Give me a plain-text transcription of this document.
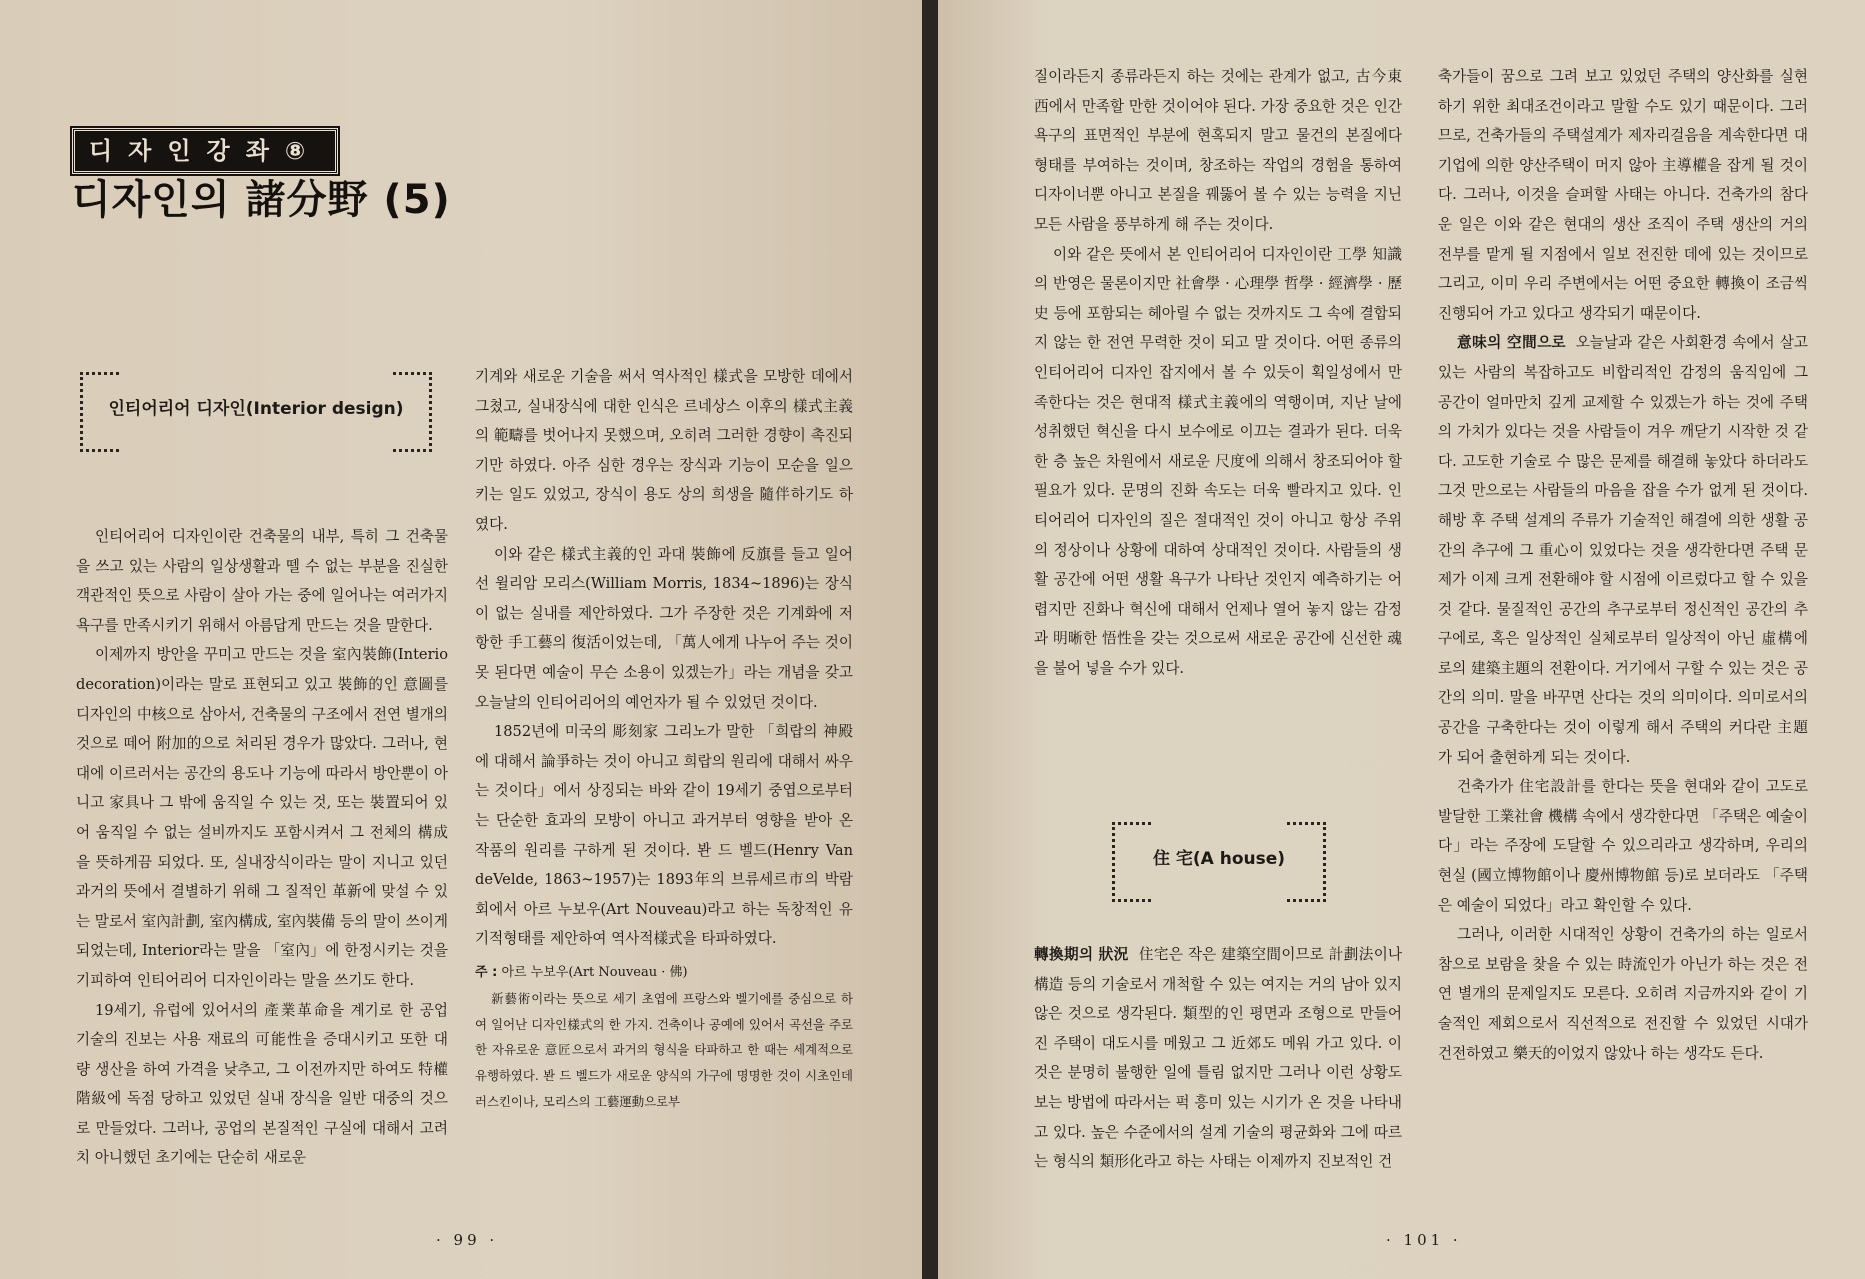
디자인강좌⑧
디자인의 諸分野 (5)
인티어리어 디자인(Interior design)

인티어리어 디자인이란 건축물의 내부, 특히 그 건축물을 쓰고 있는 사람의 일상생활과 뗄 수 없는 부분을 진실한 객관적인 뜻으로 사람이 살아 가는 중에 일어나는 여러가지 욕구를 만족시키기 위해서 아름답게 만드는 것을 말한다.

이제까지 방안을 꾸미고 만드는 것을 室內裝飾(Interio decoration)이라는 말로 표현되고 있고 裝飾的인 意圖를 디자인의 中核으로 삼아서, 건축물의 구조에서 전연 별개의 것으로 떼어 附加的으로 처리된 경우가 많았다. 그러나, 현대에 이르러서는 공간의 용도나 기능에 따라서 방안뿐이 아니고 家具나 그 밖에 움직일 수 있는 것, 또는 裝置되어 있어 움직일 수 없는 설비까지도 포함시켜서 그 전체의 構成을 뜻하게끔 되었다. 또, 실내장식이라는 말이 지니고 있던 과거의 뜻에서 결별하기 위해 그 질적인 革新에 맞설 수 있는 말로서 室內計劃, 室內構成, 室內裝備 등의 말이 쓰이게 되었는데, Interior라는 말을 「室內」에 한정시키는 것을 기피하여 인티어리어 디자인이라는 말을 쓰기도 한다.

19세기, 유럽에 있어서의 產業革命을 계기로 한 공업 기술의 진보는 사용 재료의 可能性을 증대시키고 또한 대량 생산을 하여 가격을 낮추고, 그 이전까지만 하여도 特權階級에 독점 당하고 있었던 실내 장식을 일반 대중의 것으로 만들었다. 그러나, 공업의 본질적인 구실에 대해서 고려치 아니했던 초기에는 단순히 새로운

기계와 새로운 기술을 써서 역사적인 樣式을 모방한 데에서 그쳤고, 실내장식에 대한 인식은 르네상스 이후의 樣式主義의 範疇를 벗어나지 못했으며, 오히려 그러한 경향이 촉진되기만 하였다. 아주 심한 경우는 장식과 기능이 모순을 일으키는 일도 있었고, 장식이 용도 상의 희생을 隨伴하기도 하였다.

이와 같은 樣式主義的인 과대 裝飾에 反旗를 들고 일어선 윌리암 모리스(William Morris, 1834~1896)는 장식이 없는 실내를 제안하였다. 그가 주장한 것은 기계화에 저항한 手工藝의 復活이었는데, 「萬人에게 나누어 주는 것이 못 된다면 예술이 무슨 소용이 있겠는가」라는 개념을 갖고 오늘날의 인티어리어의 예언자가 될 수 있었던 것이다.

1852년에 미국의 彫刻家 그리노가 말한 「희랍의 神殿에 대해서 論爭하는 것이 아니고 희랍의 원리에 대해서 싸우는 것이다」에서 상징되는 바와 같이 19세기 중엽으로부터는 단순한 효과의 모방이 아니고 과거부터 영향을 받아 온 작품의 원리를 구하게 된 것이다. 봔 드 벨드(Henry Van deVelde, 1863~1957)는 1893年의 브류세르市의 박람회에서 아르 누보우(Art Nouveau)라고 하는 독창적인 유기적형태를 제안하여 역사적樣式을 타파하였다.

주 : 아르 누보우(Art Nouveau · 佛)

新藝術이라는 뜻으로 세기 초엽에 프랑스와 벨기에를 중심으로 하여 일어난 디자인樣式의 한 가지. 건축이나 공예에 있어서 곡선을 주로 한 자유로운 意匠으로서 과거의 형식을 타파하고 한 때는 세계적으로 유행하였다. 봔 드 벨드가 새로운 양식의 가구에 명명한 것이 시초인데 러스킨이나, 모리스의 工藝運動으로부

· 99 ·

질이라든지 종류라든지 하는 것에는 관계가 없고, 古今東西에서 만족할 만한 것이어야 된다. 가장 중요한 것은 인간 욕구의 표면적인 부분에 현혹되지 말고 물건의 본질에다 형태를 부여하는 것이며, 창조하는 작업의 경험을 통하여 디자이너뿐 아니고 본질을 꿰뚫어 볼 수 있는 능력을 지닌 모든 사람을 풍부하게 해 주는 것이다.

이와 같은 뜻에서 본 인티어리어 디자인이란 工學 知識의 반영은 물론이지만 社會學 · 心理學 哲學 · 經濟學 · 歷史 등에 포함되는 헤아릴 수 없는 것까지도 그 속에 결합되지 않는 한 전연 무력한 것이 되고 말 것이다. 어떤 종류의 인티어리어 디자인 잡지에서 볼 수 있듯이 획일성에서 만족한다는 것은 현대적 樣式主義에의 역행이며, 지난 날에 성취했던 혁신을 다시 보수에로 이끄는 결과가 된다. 더욱 한 층 높은 차원에서 새로운 尺度에 의해서 창조되어야 할 필요가 있다. 문명의 진화 속도는 더욱 빨라지고 있다. 인티어리어 디자인의 질은 절대적인 것이 아니고 항상 주위의 정상이나 상황에 대하여 상대적인 것이다. 사람들의 생활 공간에 어떤 생활 욕구가 나타난 것인지 예측하기는 어렵지만 진화나 혁신에 대해서 언제나 열어 놓지 않는 감정과 明晰한 悟性을 갖는 것으로써 새로운 공간에 신선한 魂을 불어 넣을 수가 있다.

住 宅(A house)

轉換期의 狀況 住宅은 작은 建築空間이므로 計劃法이나 構造 등의 기술로서 개척할 수 있는 여지는 거의 남아 있지 않은 것으로 생각된다. 類型的인 평면과 조형으로 만들어진 주택이 대도시를 메웠고 그 近郊도 메워 가고 있다. 이것은 분명히 불행한 일에 틀림 없지만 그러나 이런 상황도 보는 방법에 따라서는 퍽 흥미 있는 시기가 온 것을 나타내고 있다. 높은 수준에서의 설계 기술의 평균화와 그에 따르는 형식의 類形化라고 하는 사태는 이제까지 진보적인 건

축가들이 꿈으로 그려 보고 있었던 주택의 양산화를 실현하기 위한 최대조건이라고 말할 수도 있기 때문이다. 그러므로, 건축가들의 주택설계가 제자리걸음을 계속한다면 대기업에 의한 양산주택이 머지 않아 主導權을 잡게 될 것이다. 그러나, 이것을 슬퍼할 사태는 아니다. 건축가의 참다운 일은 이와 같은 현대의 생산 조직이 주택 생산의 거의 전부를 맡게 될 지점에서 일보 전진한 데에 있는 것이므로 그리고, 이미 우리 주변에서는 어떤 중요한 轉換이 조금씩 진행되어 가고 있다고 생각되기 때문이다.

意味의 空間으로 오늘날과 같은 사회환경 속에서 살고 있는 사람의 복잡하고도 비합리적인 감정의 움직임에 그 공간이 얼마만치 깊게 교제할 수 있겠는가 하는 것에 주택의 가치가 있다는 것을 사람들이 겨우 깨닫기 시작한 것 같다. 고도한 기술로 수 많은 문제를 해결해 놓았다 하더라도 그것 만으로는 사람들의 마음을 잡을 수가 없게 된 것이다. 해방 후 주택 설계의 주류가 기술적인 해결에 의한 생활 공간의 추구에 그 重心이 있었다는 것을 생각한다면 주택 문제가 이제 크게 전환해야 할 시점에 이르렀다고 할 수 있을 것 같다. 물질적인 공간의 추구로부터 정신적인 공간의 추구에로, 혹은 일상적인 실체로부터 일상적이 아닌 虛構에로의 建築主題의 전환이다. 거기에서 구할 수 있는 것은 공간의 의미. 말을 바꾸면 산다는 것의 의미이다. 의미로서의 공간을 구축한다는 것이 이렇게 해서 주택의 커다란 主題가 되어 출현하게 되는 것이다.

건축가가 住宅設計를 한다는 뜻을 현대와 같이 고도로 발달한 工業社會 機構 속에서 생각한다면 「주택은 예술이다」라는 주장에 도달할 수 있으리라고 생각하며, 우리의 현실 (國立博物館이나 慶州博物館 등)로 보더라도 「주택은 예술이 되었다」라고 확인할 수 있다.

그러나, 이러한 시대적인 상황이 건축가의 하는 일로서 참으로 보람을 찾을 수 있는 時流인가 아닌가 하는 것은 전연 별개의 문제일지도 모른다. 오히려 지금까지와 같이 기술적인 제회으로서 직선적으로 전진할 수 있었던 시대가 건전하였고 樂天的이었지 않았나 하는 생각도 든다.

· 101 ·
